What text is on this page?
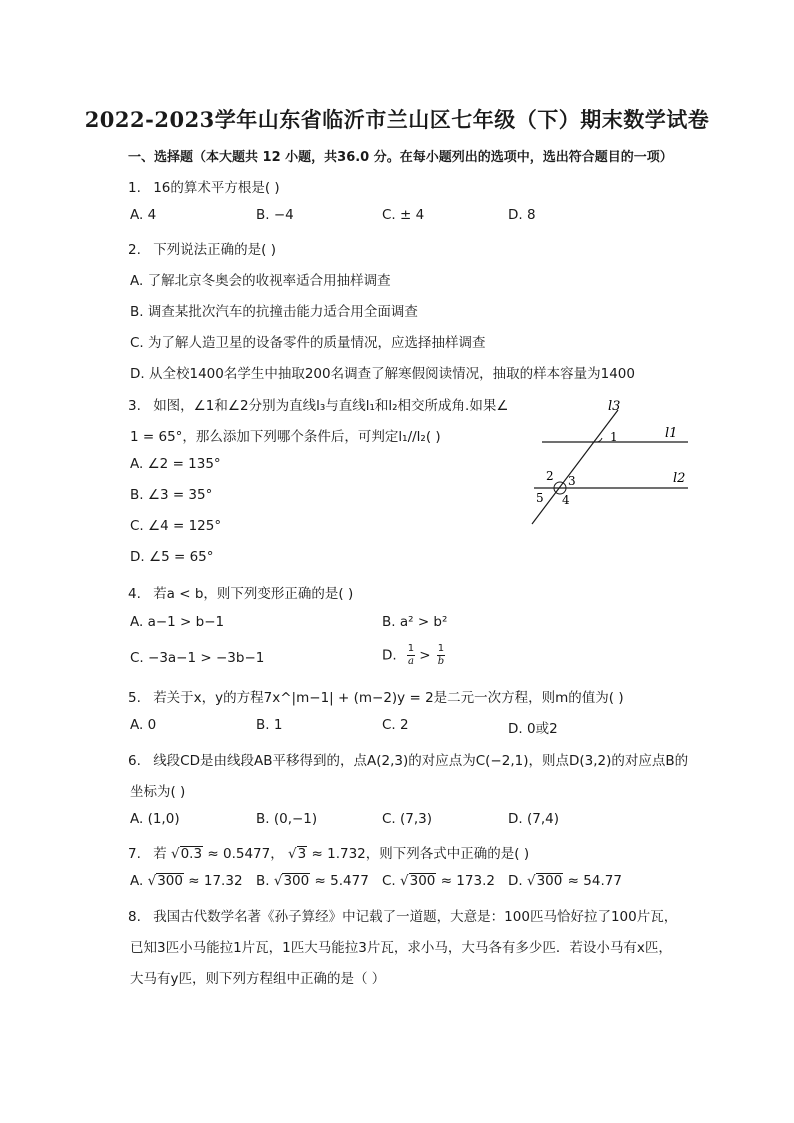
2022-2023学年山东省临沂市兰山区七年级（下）期末数学试卷
一、选择题（本大题共 12 小题，共36.0 分。在每小题列出的选项中，选出符合题目的一项）
1. 16的算术平方根是( )
A. 4	B. −4	C. ± 4	D. 8
2. 下列说法正确的是( )
A. 了解北京冬奥会的收视率适合用抽样调查
B. 调查某批次汽车的抗撞击能力适合用全面调查
C. 为了解人造卫星的设备零件的质量情况，应选择抽样调查
D. 从全校1400名学生中抽取200名调查了解寒假阅读情况，抽取的样本容量为1400
3. 如图，∠1和∠2分别为直线l₃与直线l₁和l₂相交所成角.如果∠
1 = 65°，那么添加下列哪个条件后，可判定l₁//l₂( )
A. ∠2 = 135°
B. ∠3 = 35°
C. ∠4 = 125°
D. ∠5 = 65°
l3
l1
l2
1
2 3
4
5
4. 若a < b，则下列变形正确的是( )
A. a−1 > b−1	B. a² > b²
C. −3a−1 > −3b−1	D. $\frac{1}{a} > \frac{1}{b}$
5. 若关于x，y的方程7x^|m−1| + (m−2)y = 2是二元一次方程，则m的值为( )
A. 0	B. 1	C. 2	D. 0或2
6. 线段CD是由线段AB平移得到的，点A(2,3)的对应点为C(−2,1)，则点D(3,2)的对应点B的
坐标为( )
A. (1,0)	B. (0,−1)	C. (7,3)	D. (7,4)
7. 若 √0.3 ≈ 0.5477， √3 ≈ 1.732，则下列各式中正确的是( )
A. √300 ≈ 17.32 B. √300 ≈ 5.477 C. √300 ≈ 173.2 D. √300 ≈ 54.77
8. 我国古代数学名著《孙子算经》中记载了一道题，大意是：100匹马恰好拉了100片瓦，
已知3匹小马能拉1片瓦，1匹大马能拉3片瓦，求小马，大马各有多少匹．若设小马有x匹，
大马有y匹，则下列方程组中正确的是（ ）
